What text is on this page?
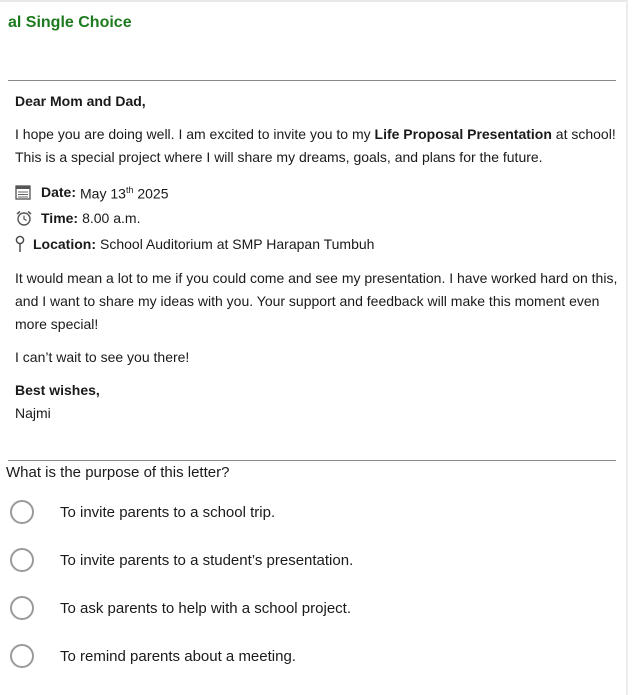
al Single Choice

Dear Mom and Dad,

I hope you are doing well. I am excited to invite you to my Life Proposal Presentation at school! This is a special project where I will share my dreams, goals, and plans for the future.

Date: May 13th 2025
Time: 8.00 a.m.
Location: School Auditorium at SMP Harapan Tumbuh

It would mean a lot to me if you could come and see my presentation. I have worked hard on this, and I want to share my ideas with you. Your support and feedback will make this moment even more special!

I can’t wait to see you there!

Best wishes,

Najmi

What is the purpose of this letter?
To invite parents to a school trip.
To invite parents to a student’s presentation.
To ask parents to help with a school project.
To remind parents about a meeting.
